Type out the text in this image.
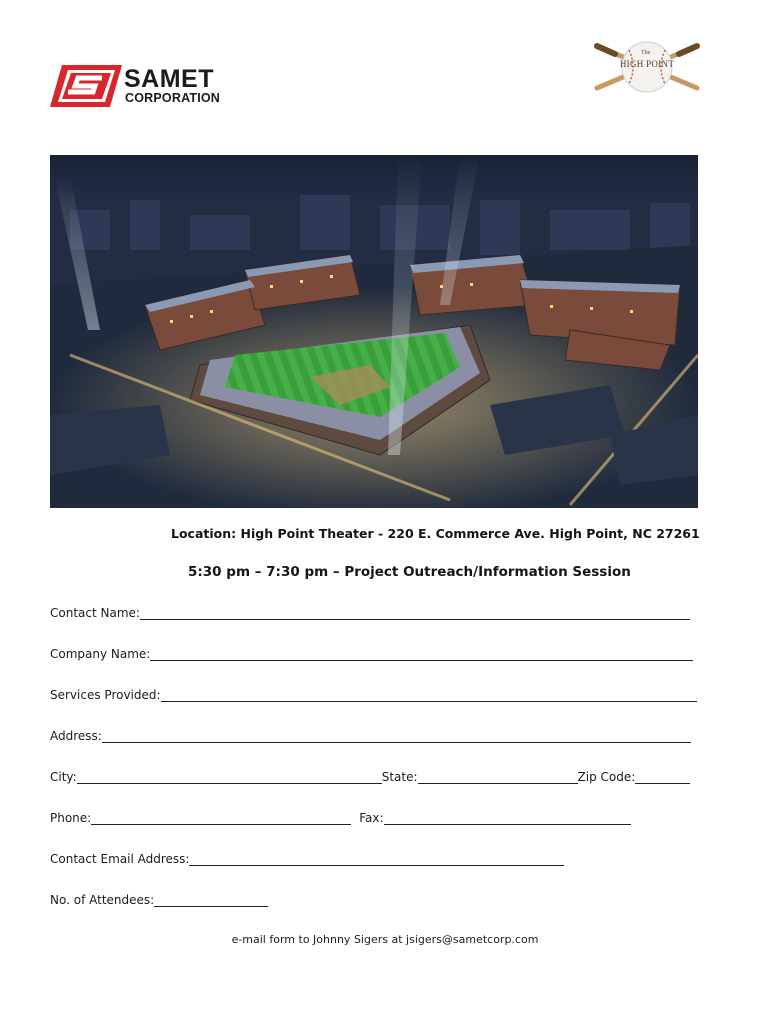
SAMET
CORPORATION
The
HIGH POINT
Location: High Point Theater - 220 E. Commerce Ave. High Point, NC 27261
5:30 pm – 7:30 pm – Project Outreach/Information Session
Contact Name:
Company Name:
Services Provided:
Address:
City:	State:	Zip Code:
Phone:	Fax:
Contact Email Address:
No. of Attendees:
e-mail form to Johnny Sigers at jsigers@sametcorp.com
